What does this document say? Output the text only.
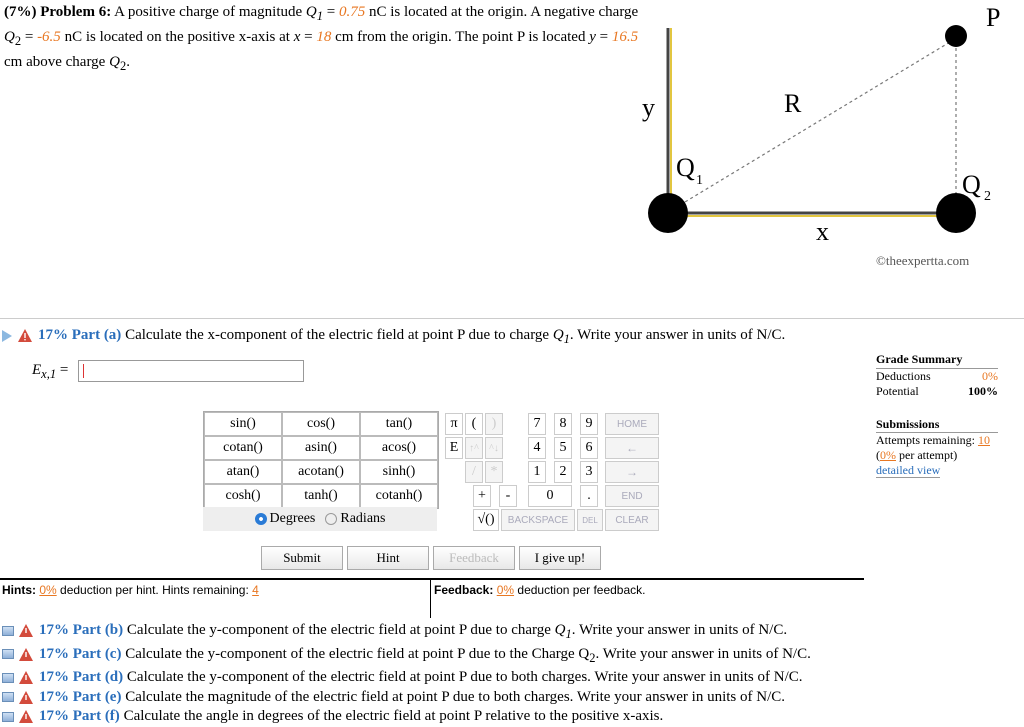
(7%) Problem 6: A positive charge of magnitude $Q_1 = 0.75$ nC is located at the origin. A negative charge $Q_2 = -6.5$ nC is located on the positive x-axis at x = 18 cm from the origin. The point P is located y = 16.5 cm above charge $Q_2$.
P
y	R
Q 1	Q 2
x
©theexpertta.com
17% Part (a) Calculate the x-component of the electric field at point P due to charge $Q_1$. Write your answer in units of N/C.
$E_{x,1}$ =
sin()	cos()	tan()
cotan()	asin()	acos()
atan()	acotan()	sinh()
cosh()	tanh()	cotanh()
Degrees	Radians
π	(	)
E	↑^	^↓
/	*
+	-
√()
7	8	9
4	5	6
1	2	3
0	.
HOME
←
→
END
BACKSPACE	DEL	CLEAR
Submit	Hint	Feedback	I give up!
Hints: 0% deduction per hint. Hints remaining: 4	Feedback: 0% deduction per feedback.
Grade Summary
Deductions	0%
Potential	100%
Submissions
Attempts remaining: 10
(0% per attempt)
detailed view
17% Part (b) Calculate the y-component of the electric field at point P due to charge $Q_1$. Write your answer in units of N/C.
17% Part (c) Calculate the y-component of the electric field at point P due to the Charge $Q_2$. Write your answer in units of N/C.
17% Part (d) Calculate the y-component of the electric field at point P due to both charges. Write your answer in units of N/C.
17% Part (e) Calculate the magnitude of the electric field at point P due to both charges. Write your answer in units of N/C.
17% Part (f) Calculate the angle in degrees of the electric field at point P relative to the positive x-axis.
